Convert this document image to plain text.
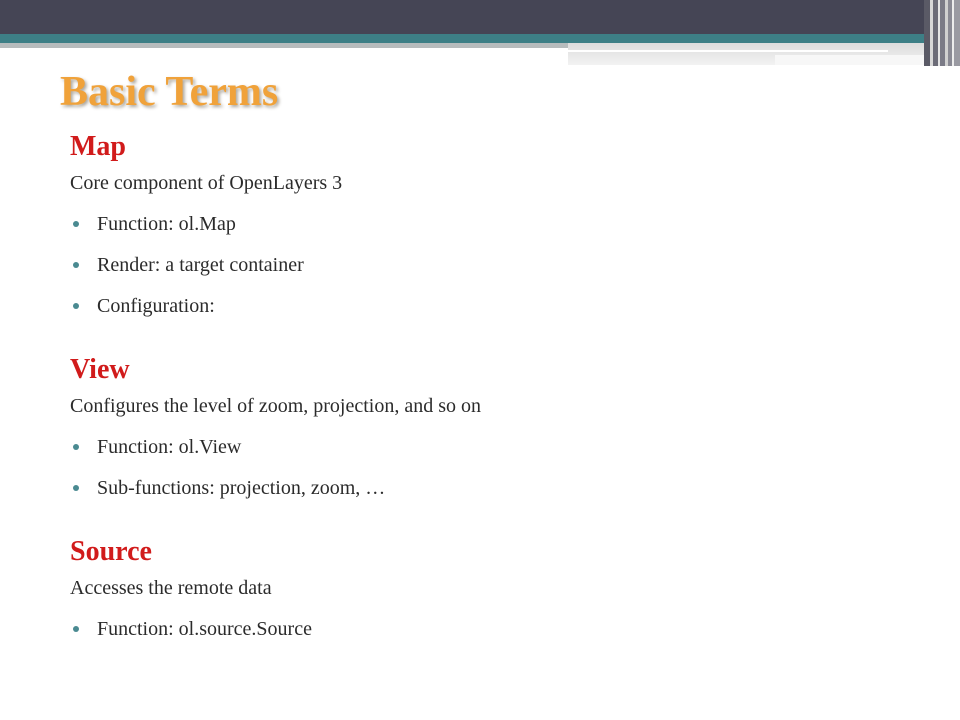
Basic Terms
Map

Core component of OpenLayers 3

Function: ol.Map
Render: a target container
Configuration:
View

Configures the level of zoom, projection, and so on

Function: ol.View
Sub-functions: projection, zoom, …
Source

Accesses the remote data

Function: ol.source.Source
